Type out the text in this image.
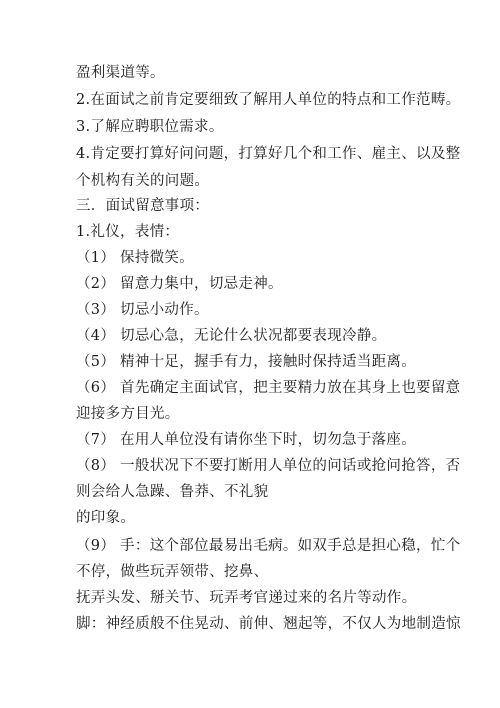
盈利渠道等。
2.在面试之前肯定要细致了解用人单位的特点和工作范畴。
3.了解应聘职位需求。
4.肯定要打算好问问题，打算好几个和工作、雇主、以及整
个机构有关的问题。
三．面试留意事项：
1.礼仪，表情：
（1） 保持微笑。
（2） 留意力集中，切忌走神。
（3） 切忌小动作。
（4） 切忌心急，无论什么状况都要表现冷静。
（5） 精神十足，握手有力，接触时保持适当距离。
（6） 首先确定主面试官，把主要精力放在其身上也要留意
迎接多方目光。
（7） 在用人单位没有请你坐下时，切勿急于落座。
（8） 一般状况下不要打断用人单位的问话或抢问抢答，否
则会给人急躁、鲁莽、不礼貌
的印象。
（9） 手：这个部位最易出毛病。如双手总是担心稳，忙个
不停，做些玩弄领带、挖鼻、
抚弄头发、掰关节、玩弄考官递过来的名片等动作。
脚：神经质般不住晃动、前伸、翘起等，不仅人为地制造惊
